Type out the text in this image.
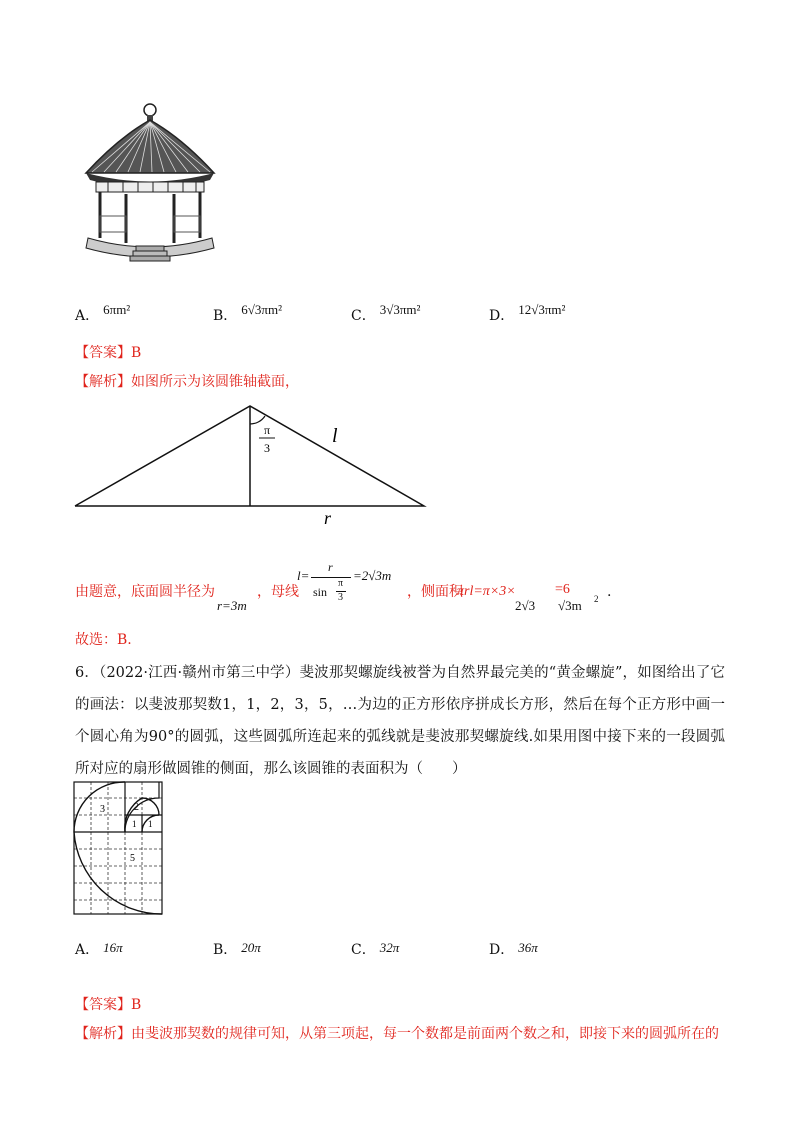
A． 6πm²	B． 6√3πm²	C． 3√3πm²	D． 12√3πm²
【答案】B
【解析】如图所示为该圆锥轴截面，
π
3
l
r
由题意，底面圆半径为
r=3m
，母线
l=
r
sin
π
3
=2√3m
，侧面积
πrl=π×3×
2√3
=6
√3m 2 .
故选：B.
6．（2022·江西·赣州市第三中学）斐波那契螺旋线被誉为自然界最完美的“黄金螺旋”，如图给出了它的画法：以斐波那契数1，1，2，3，5，…为边的正方形依序拼成长方形，然后在每个正方形中画一个圆心角为90°的圆弧，这些圆弧所连起来的弧线就是斐波那契螺旋线.如果用图中接下来的一段圆弧所对应的扇形做圆锥的侧面，那么该圆锥的表面积为（　　）
3	2
1 1
5
A． 16π	B． 20π	C． 32π	D． 36π
【答案】B
【解析】由斐波那契数的规律可知，从第三项起，每一个数都是前面两个数之和，即接下来的圆弧所在的
